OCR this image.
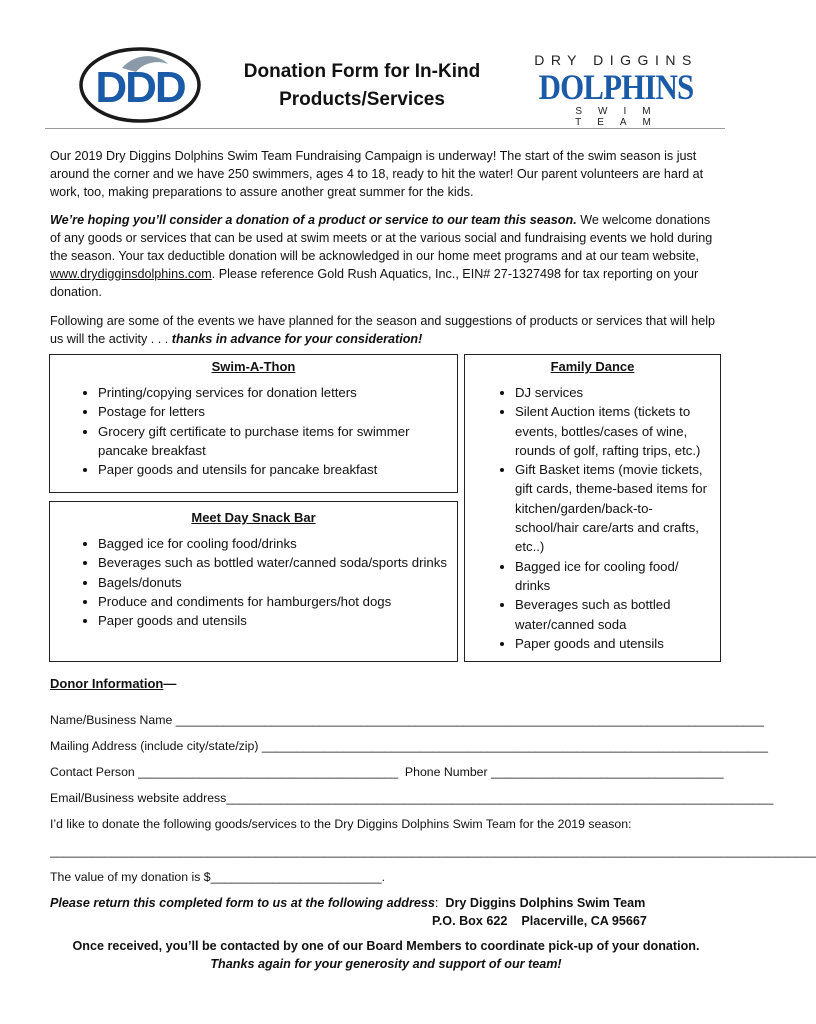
DDD	Donation Form for In-Kind
Products/Services
DRY DIGGINS
DOLPHINS
SWIM TEAM
Our 2019 Dry Diggins Dolphins Swim Team Fundraising Campaign is underway! The start of the swim season is just around the corner and we have 250 swimmers, ages 4 to 18, ready to hit the water! Our parent volunteers are hard at work, too, making preparations to assure another great summer for the kids.
We’re hoping you’ll consider a donation of a product or service to our team this season. We welcome donations of any goods or services that can be used at swim meets or at the various social and fundraising events we hold during the season. Your tax deductible donation will be acknowledged in our home meet programs and at our team website, www.drydigginsdolphins.com. Please reference Gold Rush Aquatics, Inc., EIN# 27-1327498 for tax reporting on your donation.
Following are some of the events we have planned for the season and suggestions of products or services that will help us will the activity . . . thanks in advance for your consideration!
Swim-A-Thon
• Printing/copying services for donation letters
• Postage for letters
• Grocery gift certificate to purchase items for swimmer pancake breakfast
• Paper goods and utensils for pancake breakfast
Meet Day Snack Bar
• Bagged ice for cooling food/drinks
• Beverages such as bottled water/canned soda/sports drinks
• Bagels/donuts
• Produce and condiments for hamburgers/hot dogs
• Paper goods and utensils
Family Dance
• DJ services
• Silent Auction items (tickets to events, bottles/cases of wine, rounds of golf, rafting trips, etc.)
• Gift Basket items (movie tickets, gift cards, theme-based items for kitchen/garden/back-to-school/hair care/arts and crafts, etc..)
• Bagged ice for cooling food/ drinks
• Beverages such as bottled water/canned soda
• Paper goods and utensils
Donor Information—
Name/Business Name ______________________________________________________________________________________
Mailing Address (include city/state/zip) __________________________________________________________________________
Contact Person ______________________________________  Phone Number __________________________________
Email/Business website address________________________________________________________________________________
I’d like to donate the following goods/services to the Dry Diggins Dolphins Swim Team for the 2019 season:
________________________________________________________________________________________________________________
The value of my donation is $_________________________.
Please return this completed form to us at the following address: Dry Diggins Dolphins Swim Team
P.O. Box 622 Placerville, CA 95667
Once received, you’ll be contacted by one of our Board Members to coordinate pick-up of your donation.
Thanks again for your generosity and support of our team!
